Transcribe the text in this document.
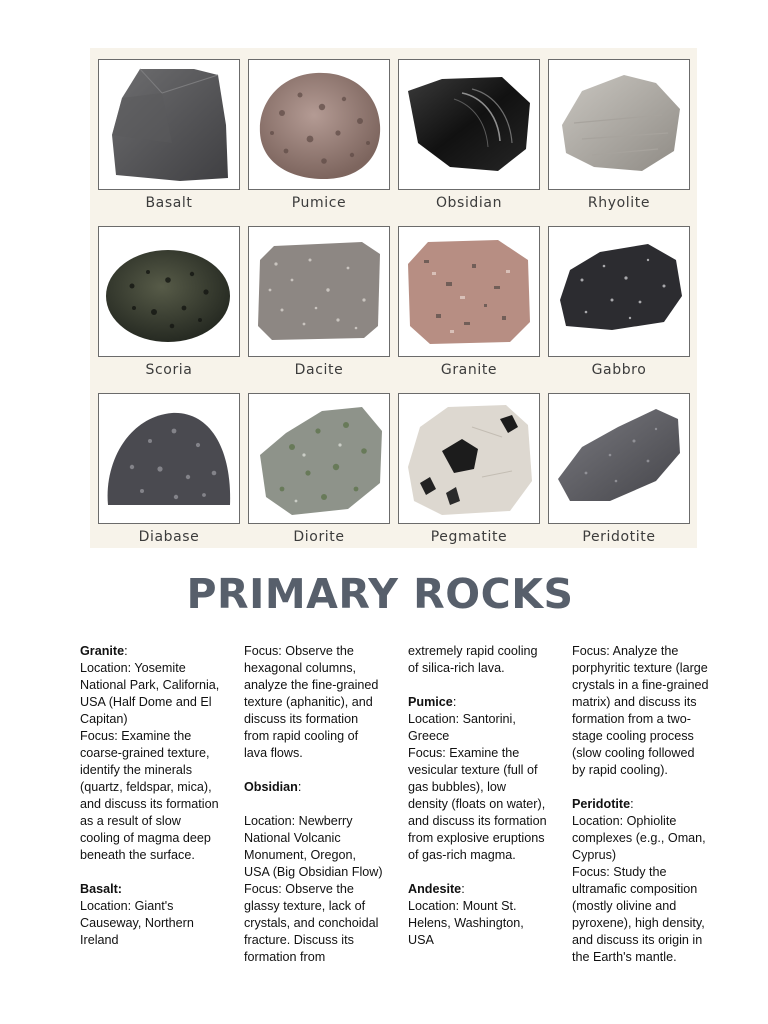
Basalt	Pumice	Obsidian	Rhyolite
Scoria	Dacite	Granite	Gabbro
Diabase	Diorite	Pegmatite	Peridotite
PRIMARY ROCKS
Granite:
Location: Yosemite
National Park, California,
USA (Half Dome and El
Capitan)
Focus: Examine the
coarse-grained texture,
identify the minerals
(quartz, feldspar, mica),
and discuss its formation
as a result of slow
cooling of magma deep
beneath the surface.
Basalt:
Location: Giant's
Causeway, Northern
Ireland
Focus: Observe the
hexagonal columns,
analyze the fine-grained
texture (aphanitic), and
discuss its formation
from rapid cooling of
lava flows.
Obsidian:
Location: Newberry
National Volcanic
Monument, Oregon,
USA (Big Obsidian Flow)
Focus: Observe the
glassy texture, lack of
crystals, and conchoidal
fracture. Discuss its
formation from
extremely rapid cooling
of silica-rich lava.
Pumice:
Location: Santorini,
Greece
Focus: Examine the
vesicular texture (full of
gas bubbles), low
density (floats on water),
and discuss its formation
from explosive eruptions
of gas-rich magma.
Andesite:
Location: Mount St.
Helens, Washington,
USA
Focus: Analyze the
porphyritic texture (large
crystals in a fine-grained
matrix) and discuss its
formation from a two-
stage cooling process
(slow cooling followed
by rapid cooling).
Peridotite:
Location: Ophiolite
complexes (e.g., Oman,
Cyprus)
Focus: Study the
ultramafic composition
(mostly olivine and
pyroxene), high density,
and discuss its origin in
the Earth's mantle.
